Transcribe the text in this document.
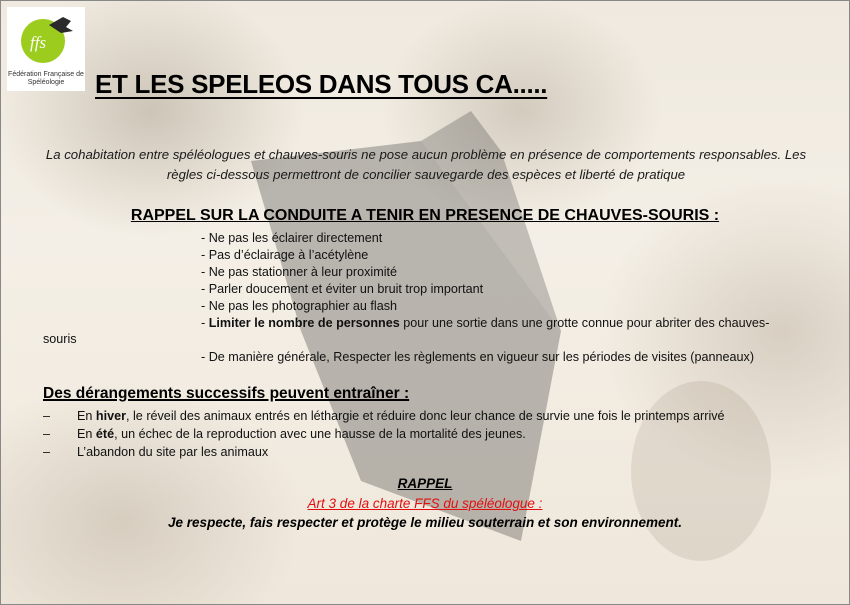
ffs
Fédération Française de Spéléologie	ET LES SPELEOS DANS TOUS CA.....
La cohabitation entre spéléologues et chauves-souris ne pose aucun problème en présence de comportements responsables. Les règles ci-dessous permettront de concilier sauvegarde des espèces et liberté de pratique
RAPPEL SUR LA CONDUITE A TENIR EN PRESENCE DE CHAUVES-SOURIS :
- Ne pas les éclairer directement
- Pas d’éclairage à l’acétylène
- Ne pas stationner à leur proximité
- Parler doucement et éviter un bruit trop important
- Ne pas les photographier au flash
- Limiter le nombre de personnes pour une sortie dans une grotte connue pour abriter des chauves-
- De manière générale, Respecter les règlements en vigueur sur les périodes de visites (panneaux)
souris
Des dérangements successifs peuvent entraîner :
– En hiver, le réveil des animaux entrés en léthargie et réduire donc leur chance de survie une fois le printemps arrivé
– En été, un échec de la reproduction avec une hausse de la mortalité des jeunes.
– L’abandon du site par les animaux
RAPPEL
Art 3 de la charte FFS du spéléologue :
Je respecte, fais respecter et protège le milieu souterrain et son environnement.
